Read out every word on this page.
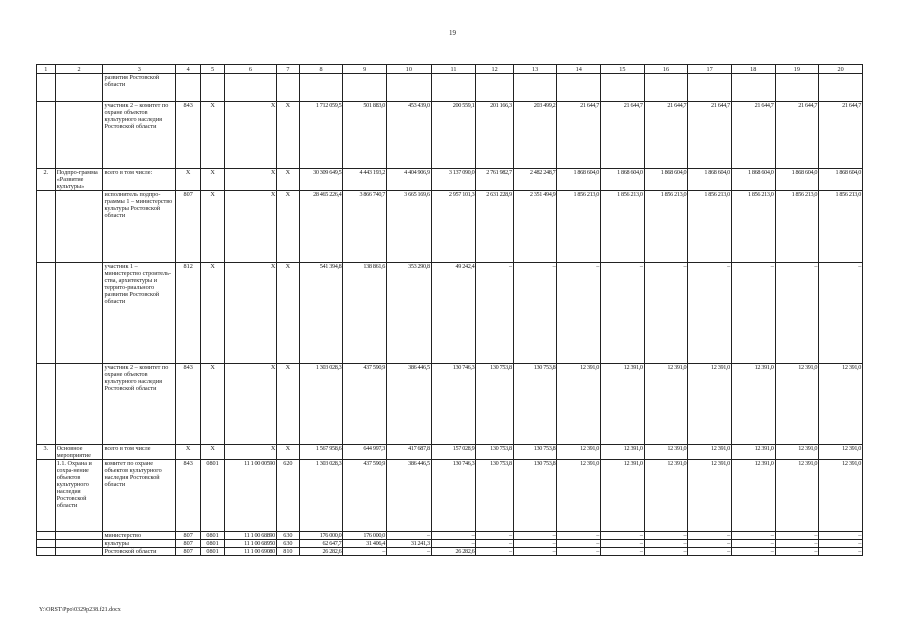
19
1	2	3	4	5	6	7	8	9	10	11	12	13	14	15	16	17	18	19	20
		развития Ростовской области																	
		участник 2 – комитет по охране объектов культурного наследия Ростовской области	843	X	X	X	1 712 059,5	501 883,0	453 439,0	200 559,1	201 166,3	203 499,2	21 644,7	21 644,7	21 644,7	21 644,7	21 644,7	21 644,7	21 644,7
2.	Подпро-грамма «Развитие культуры»	всего в том числе:	X	X	X	X	30 309 649,5	4 443 193,2	4 404 906,9	3 137 090,0	2 761 982,7	2 482 248,7	1 868 604,0	1 868 604,0	1 868 604,0	1 868 604,0	1 868 604,0	1 868 604,0	1 868 604,0
		исполнитель подпро-граммы 1 – министерство культуры Ростовской области	807	X	X	X	28 465 226,4	3 866 740,7	3 665 169,6	2 957 101,3	2 631 228,9	2 351 494,9	1 856 213,0	1 856 213,0	1 856 213,0	1 856 213,0	1 856 213,0	1 856 213,0	1 856 213,0
		участник 1 – министерство строитель-ства, архитектуры и террито-риального развития Ростовской области	812	X	X	X	541 394,8	138 861,6	353 290,8	49 242,4	–	–	–	–	–	–	–	–	–
		участник 2 – комитет по охране объектов культурного наследия Ростовской области	843	X	X	X	1 303 028,3	437 590,9	386 446,5	130 746,3	130 753,8	130 753,8	12 391,0	12 391,0	12 391,0	12 391,0	12 391,0	12 391,0	12 391,0
3.	Основное мероприятие	всего в том числе	X	X	X	X	1 567 958,6	644 997,3	417 687,8	157 028,9	130 753,8	130 753,8	12 391,0	12 391,0	12 391,0	12 391,0	12 391,0	12 391,0	12 391,0
	1.1. Охрана и сохра-нение объектов культурного наследия Ростовской области	комитет по охране объектов культурного наследия Ростовской области	843	0801	11 1 00 00590	620	1 303 028,3	437 590,9	386 446,5	130 746,3	130 753,8	130 753,8	12 391,0	12 391,0	12 391,0	12 391,0	12 391,0	12 391,0	12 391,0
		министерство	807	0801	11 1 00 68890	630	176 000,0	176 000,0	–	–	–	–	–	–	–	–	–	–	–
		культуры	807	0801	11 1 00 68950	630	62 647,7	31 406,4	31 241,3	–	–	–	–	–	–	–	–	–	–
		Ростовской области	807	0801	11 1 00 69080	810	26 282,6	–	–	26 282,6	–	–	–	–	–	–	–	–	–
Y:\ORST\Ppo\0329p238.f21.docx
